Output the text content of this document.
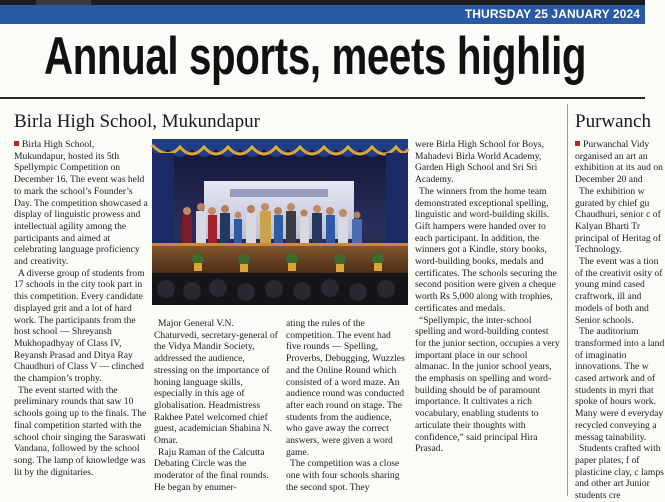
THURSDAY 25 JANUARY 2024
Annual sports, meets highlig
Birla High School, Mukundapur	Purwanch

Birla High School, Mukundapur, hosted its 5th Spellympic Competition on December 16. The event was held to mark the school’s Founder’s Day. The competition showcased a display of linguistic prowess and intellectual agility among the participants and aimed at celebrating language proficiency and creativity.

A diverse group of students from 17 schools in the city took part in this competition. Every candidate displayed grit and a lot of hard work. The participants from the host school — Shreyansh Mukhopadhyay of Class IV, Reyansh Prasad and Ditya Ray Chaudhuri of Class V — clinched the champion’s trophy.

The event started with the preliminary rounds that saw 10 schools going up to the finals. The final competition started with the school choir singing the Saraswati Vandana, followed by the school song. The lamp of knowledge was lit by the dignitaries.

Major General V.N. Chaturvedi, secretary-general of the Vidya Mandir Society, addressed the audience, stressing on the importance of honing language skills, especially in this age of globalisation. Headmistress Rakhee Patel welcomed chief guest, academician Shabina N. Omar.

Raju Raman of the Calcutta Debating Circle was the moderator of the final rounds. He began by enumer-

ating the rules of the competition. The event had five rounds — Spelling, Proverbs, Debugging, Wuzzles and the Online Round which consisted of a word maze. An audience round was conducted after each round on stage. The students from the audience, who gave away the correct answers, were given a word game.

The competition was a close one with four schools sharing the second spot. They

were Birla High School for Boys, Mahadevi Birla World Academy, Garden High School and Sri Sri Academy.

The winners from the home team demonstrated exceptional spelling, linguistic and word-building skills. Gift hampers were handed over to each participant. In addition, the winners got a Kindle, story books, word-building books, medals and certificates. The schools securing the second position were given a cheque worth Rs 5,000 along with trophies, certificates and medals.

“Spellympic, the inter-school spelling and word-building contest for the junior section, occupies a very important place in our school almanac. In the junior school years, the emphasis on spelling and word-building should be of paramount importance. It cultivates a rich vocabulary, enabling students to articulate their thoughts with confidence,” said principal Hira Prasad.

Purwanchal Vidy organised an art an exhibition at its aud on December 20 and

The exhibition w gurated by chief gu Chaudhuri, senior c of Kalyan Bharti Tr principal of Heritag of Technology.

The event was a tion of the creativit osity of young mind cased craftwork, ill and models of both and Senior schools.

The auditorium transformed into a land of imaginatio innovations. The w cased artwork and of students in myri that spoke of hours work. Many were d everyday recycled conveying a messag tainability.

Students crafted with paper plates, f of plasticine clay, c lamps and other art Junior students cre
